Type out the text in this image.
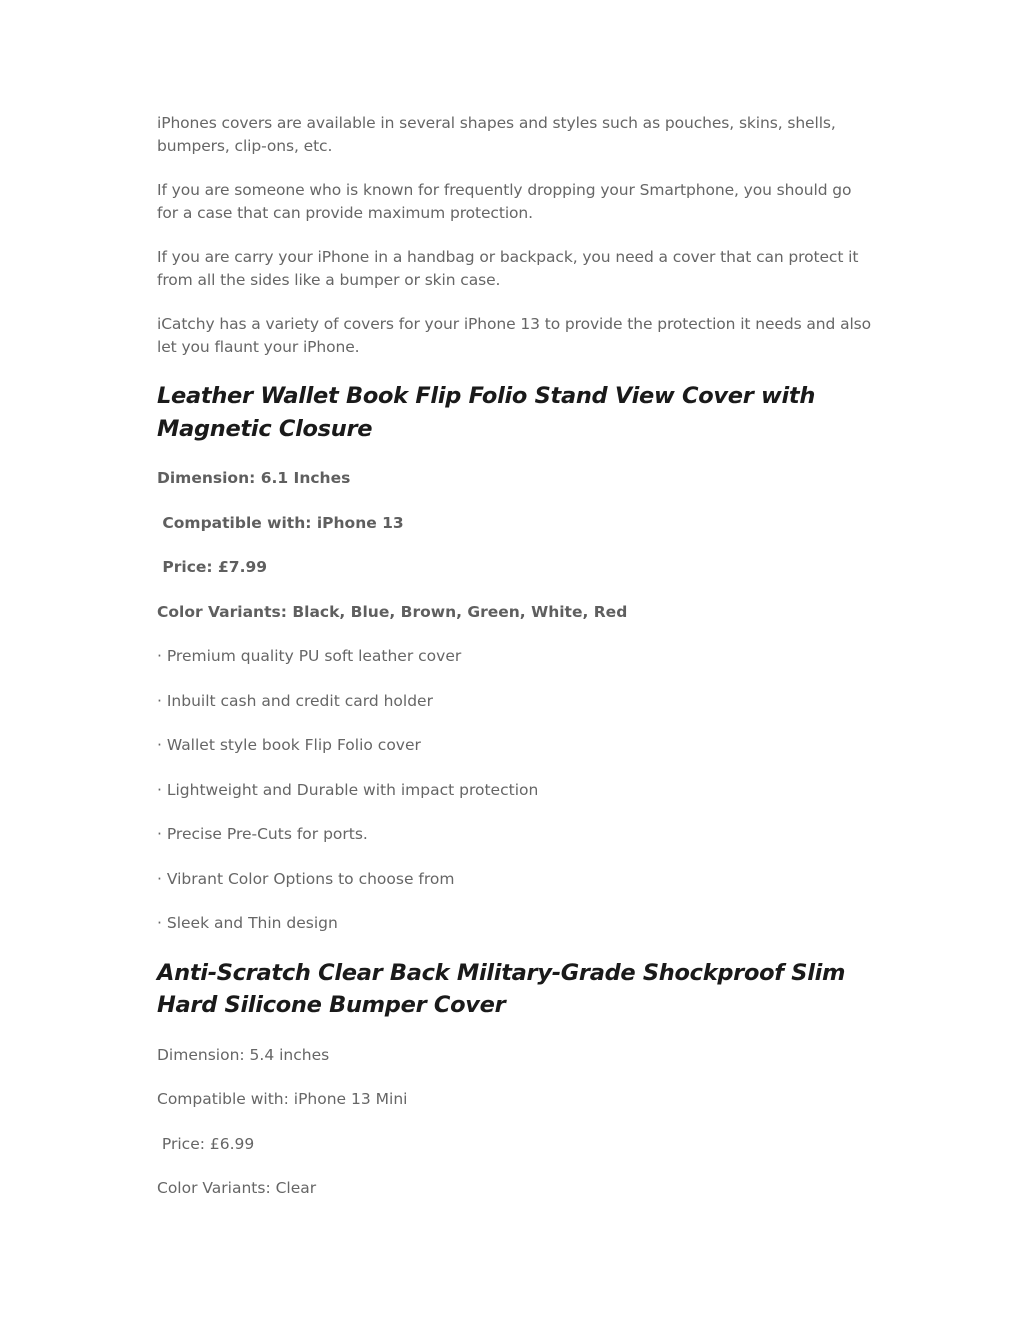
iPhones covers are available in several shapes and styles such as pouches, skins, shells, bumpers, clip-ons, etc.

If you are someone who is known for frequently dropping your Smartphone, you should go for a case that can provide maximum protection.

If you are carry your iPhone in a handbag or backpack, you need a cover that can protect it from all the sides like a bumper or skin case.

iCatchy has a variety of covers for your iPhone 13 to provide the protection it needs and also let you flaunt your iPhone.

Leather Wallet Book Flip Folio Stand View Cover with Magnetic Closure

Dimension: 6.1 Inches

Compatible with: iPhone 13

Price: £7.99

Color Variants: Black, Blue, Brown, Green, White, Red

· Premium quality PU soft leather cover

· Inbuilt cash and credit card holder

· Wallet style book Flip Folio cover

· Lightweight and Durable with impact protection

· Precise Pre-Cuts for ports.

· Vibrant Color Options to choose from

· Sleek and Thin design

Anti-Scratch Clear Back Military-Grade Shockproof Slim Hard Silicone Bumper Cover

Dimension: 5.4 inches

Compatible with: iPhone 13 Mini

Price: £6.99

Color Variants: Clear
